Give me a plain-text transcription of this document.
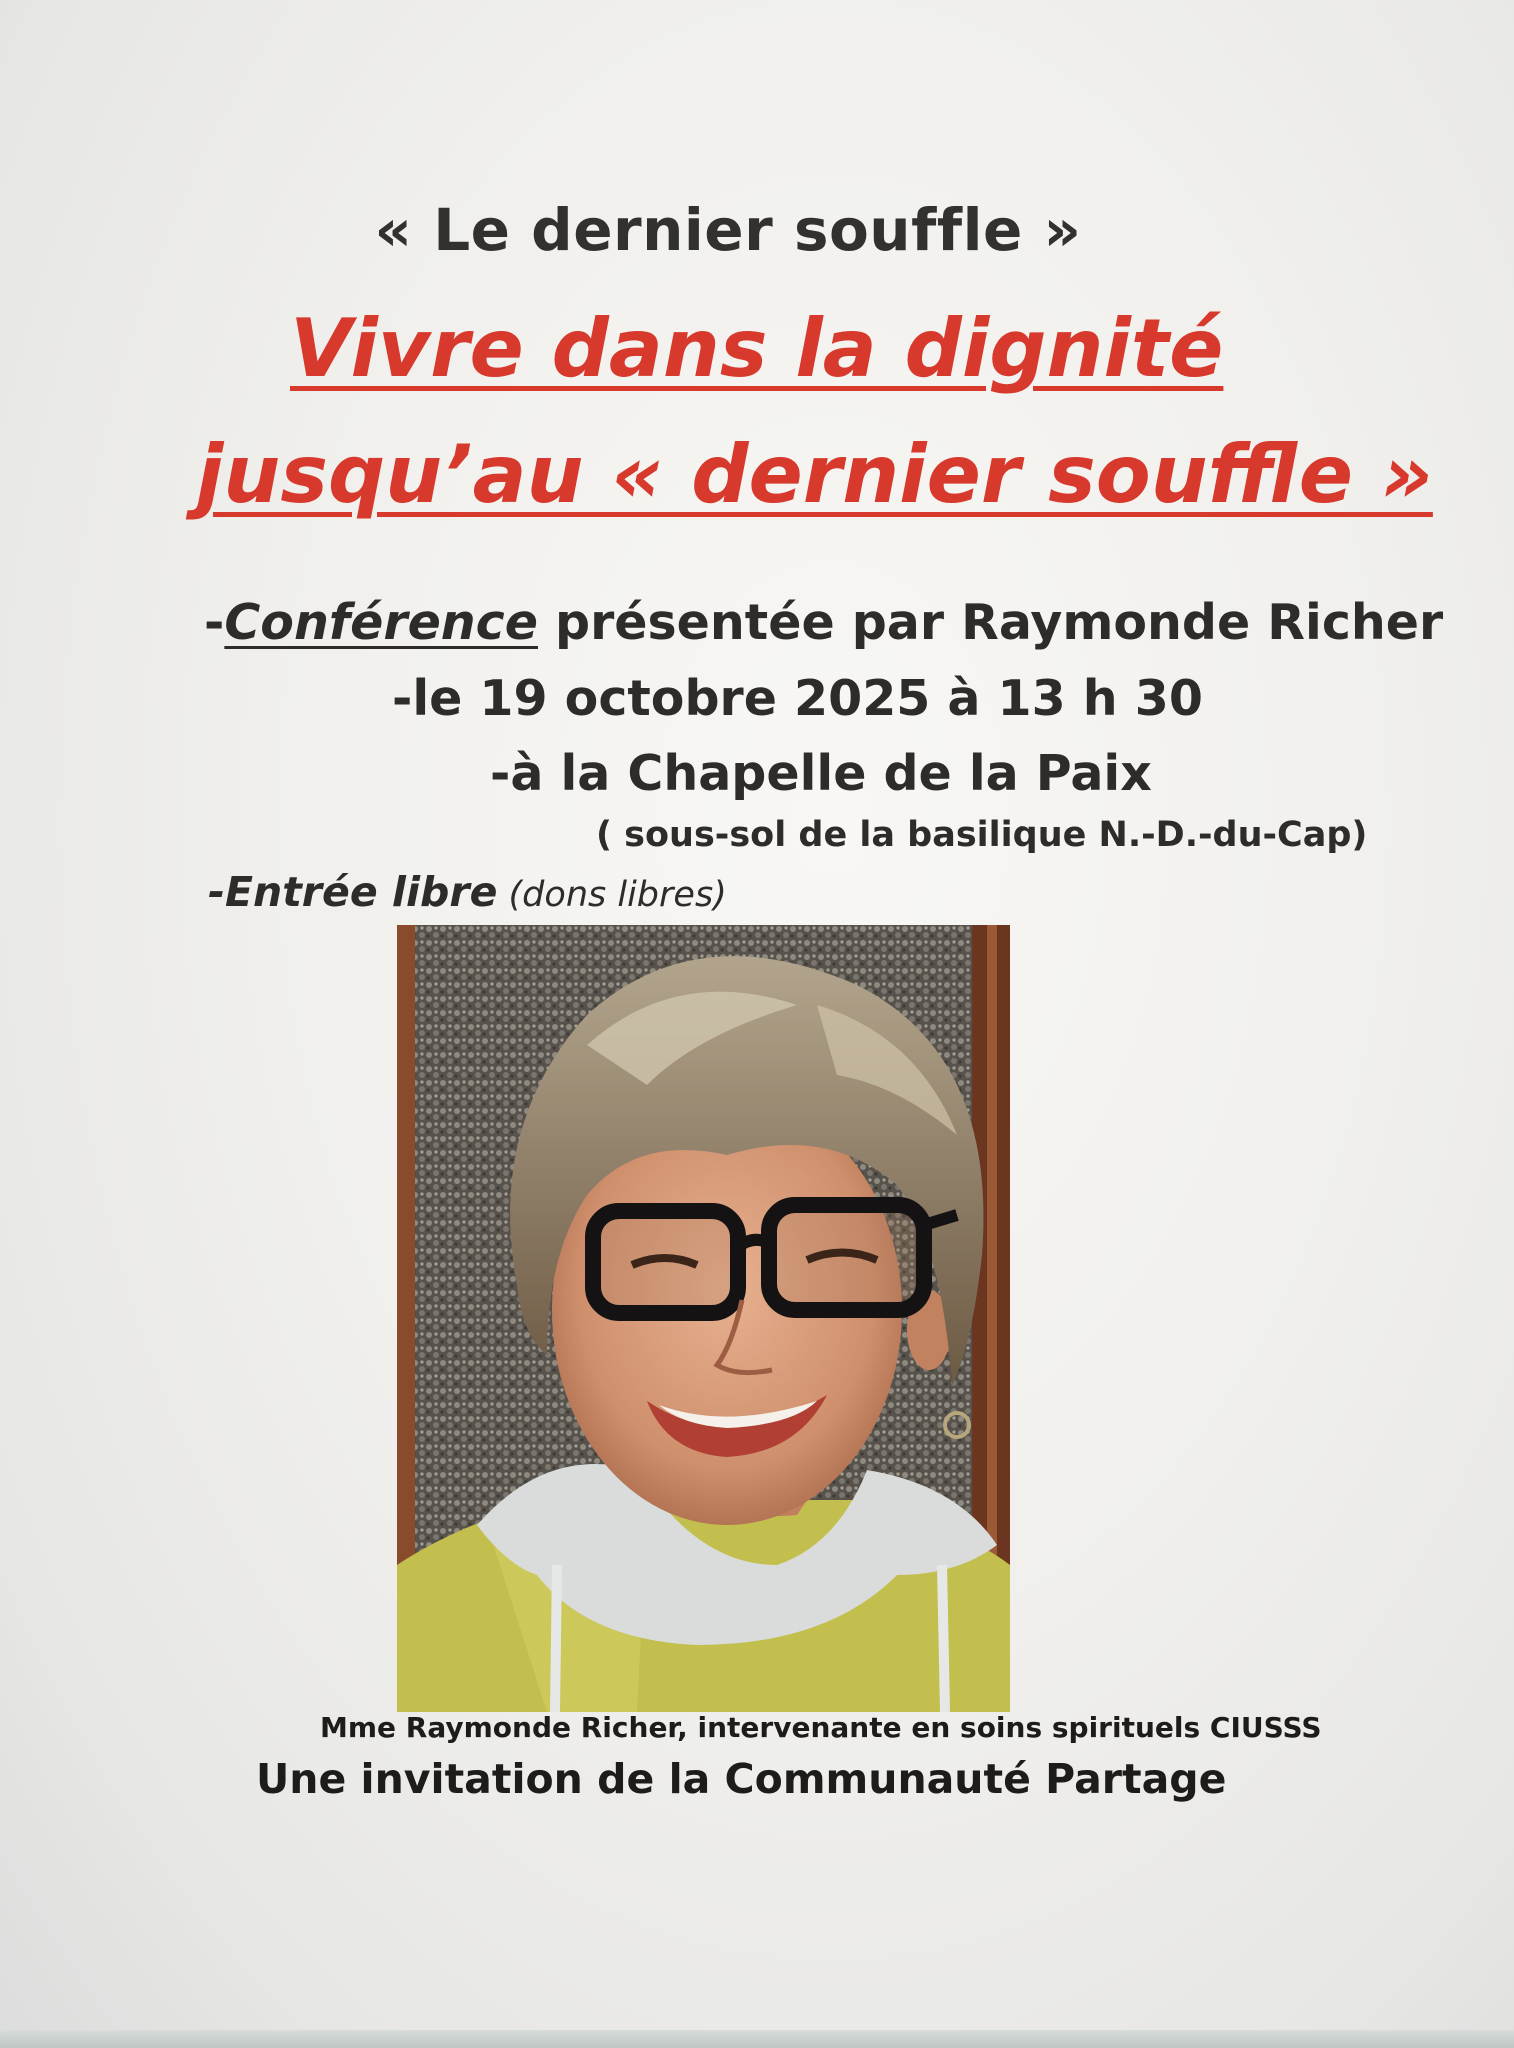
« Le dernier souffle »
Vivre dans la dignité
jusqu’au « dernier souffle »
-Conférence présentée par Raymonde Richer
-le 19 octobre 2025 à 13 h 30
-à la Chapelle de la Paix
( sous-sol de la basilique N.-D.-du-Cap)
-Entrée libre (dons libres)
Mme Raymonde Richer, intervenante en soins spirituels CIUSSS
Une invitation de la Communauté Partage
